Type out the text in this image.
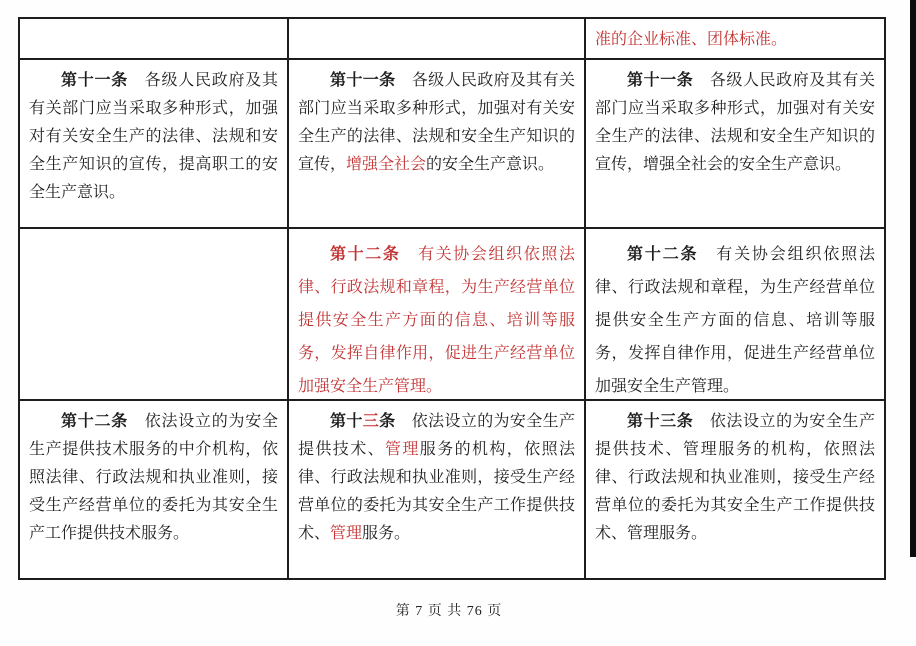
准的企业标准、团体标准。
第十一条　各级人民政府及其有关部门应当采取多种形式，加强对有关安全生产的法律、法规和安全生产知识的宣传，提高职工的安全生产意识。
第十一条　各级人民政府及其有关部门应当采取多种形式，加强对有关安全生产的法律、法规和安全生产知识的宣传，增强全社会的安全生产意识。
第十一条　各级人民政府及其有关部门应当采取多种形式，加强对有关安全生产的法律、法规和安全生产知识的宣传，增强全社会的安全生产意识。
第十二条　有关协会组织依照法律、行政法规和章程，为生产经营单位提供安全生产方面的信息、培训等服务，发挥自律作用，促进生产经营单位加强安全生产管理。
第十二条　有关协会组织依照法律、行政法规和章程，为生产经营单位提供安全生产方面的信息、培训等服务，发挥自律作用，促进生产经营单位加强安全生产管理。
第十二条　依法设立的为安全生产提供技术服务的中介机构，依照法律、行政法规和执业准则，接受生产经营单位的委托为其安全生产工作提供技术服务。
第十三条　依法设立的为安全生产提供技术、管理服务的机构，依照法律、行政法规和执业准则，接受生产经营单位的委托为其安全生产工作提供技术、管理服务。
第十三条　依法设立的为安全生产提供技术、管理服务的机构，依照法律、行政法规和执业准则，接受生产经营单位的委托为其安全生产工作提供技术、管理服务。
第 7 页 共 76 页
